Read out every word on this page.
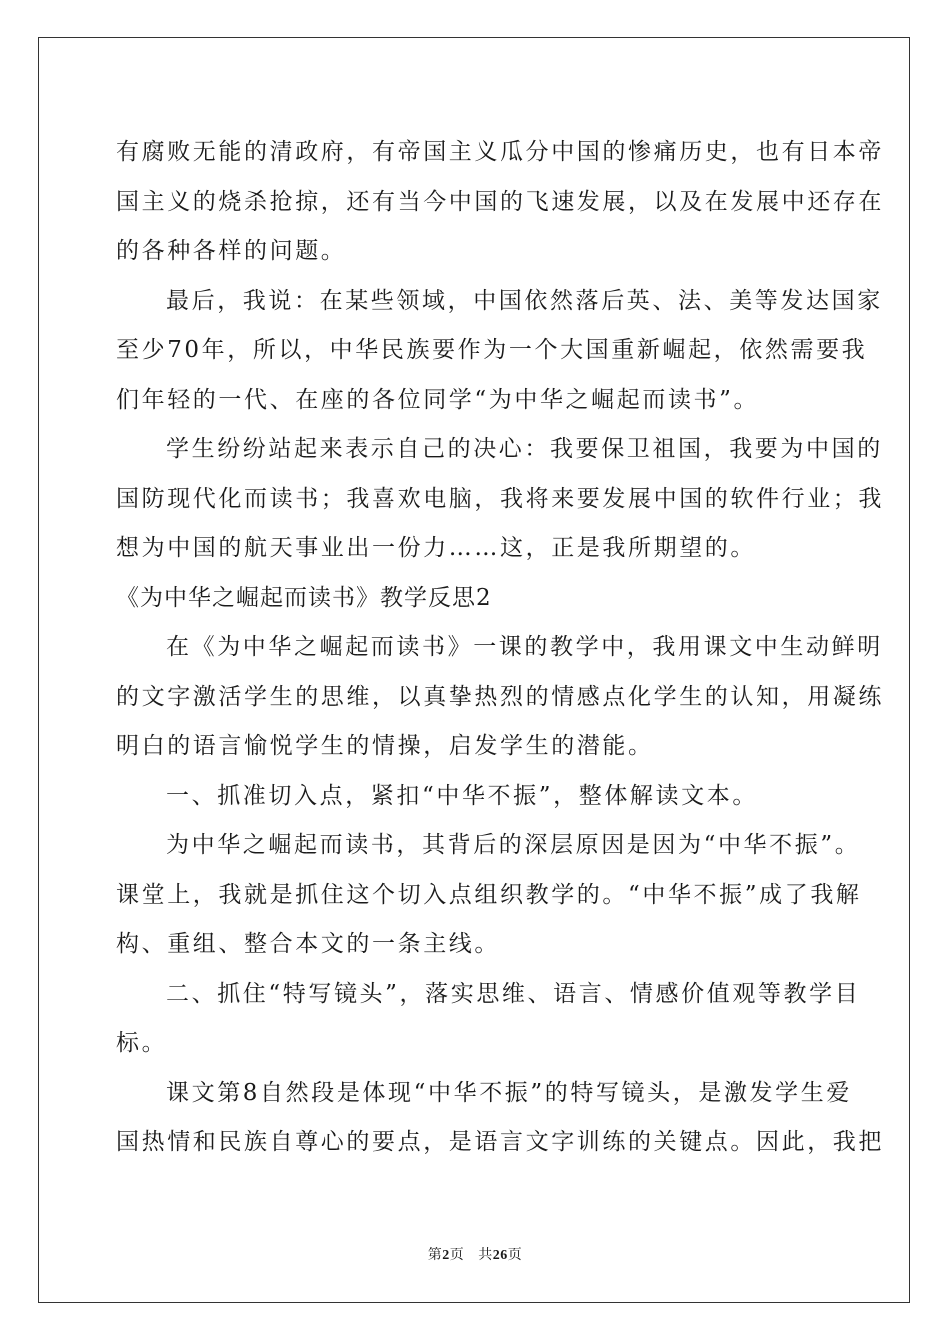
有腐败无能的清政府，有帝国主义瓜分中国的惨痛历史，也有日本帝
国主义的烧杀抢掠，还有当今中国的飞速发展，以及在发展中还存在
的各种各样的问题。
最后，我说：在某些领域，中国依然落后英、法、美等发达国家
至少70年，所以，中华民族要作为一个大国重新崛起，依然需要我
们年轻的一代、在座的各位同学“为中华之崛起而读书”。
学生纷纷站起来表示自己的决心：我要保卫祖国，我要为中国的
国防现代化而读书；我喜欢电脑，我将来要发展中国的软件行业；我
想为中国的航天事业出一份力……这，正是我所期望的。
《为中华之崛起而读书》教学反思2
在《为中华之崛起而读书》一课的教学中，我用课文中生动鲜明
的文字激活学生的思维，以真挚热烈的情感点化学生的认知，用凝练
明白的语言愉悦学生的情操，启发学生的潜能。
一、抓准切入点，紧扣“中华不振”，整体解读文本。
为中华之崛起而读书，其背后的深层原因是因为“中华不振”。
课堂上，我就是抓住这个切入点组织教学的。“中华不振”成了我解
构、重组、整合本文的一条主线。
二、抓住“特写镜头”，落实思维、语言、情感价值观等教学目
标。
课文第8自然段是体现“中华不振”的特写镜头，是激发学生爱
国热情和民族自尊心的要点，是语言文字训练的关键点。因此，我把
第2页 共26页
